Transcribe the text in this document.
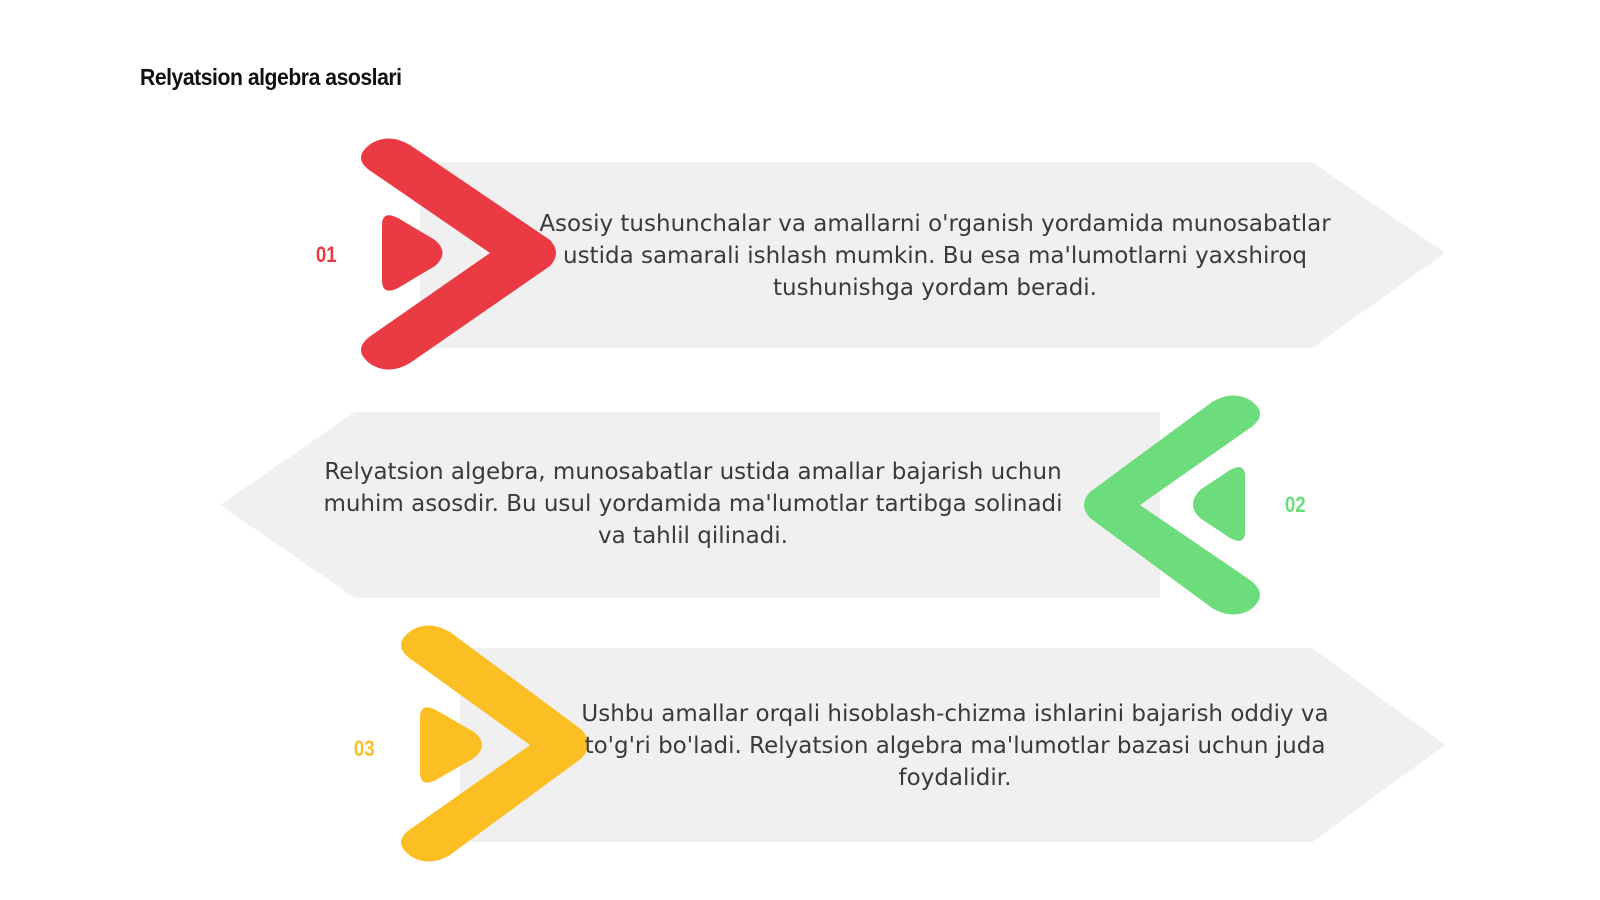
Relyatsion algebra asoslari
01
02
03
Asosiy tushunchalar va amallarni o'rganish yordamida munosabatlar ustida samarali ishlash mumkin. Bu esa ma'lumotlarni yaxshiroq tushunishga yordam beradi.
Relyatsion algebra, munosabatlar ustida amallar bajarish uchun muhim asosdir. Bu usul yordamida ma'lumotlar tartibga solinadi va tahlil qilinadi.
Ushbu amallar orqali hisoblash-chizma ishlarini bajarish oddiy va to'g'ri bo'ladi. Relyatsion algebra ma'lumotlar bazasi uchun juda foydalidir.
